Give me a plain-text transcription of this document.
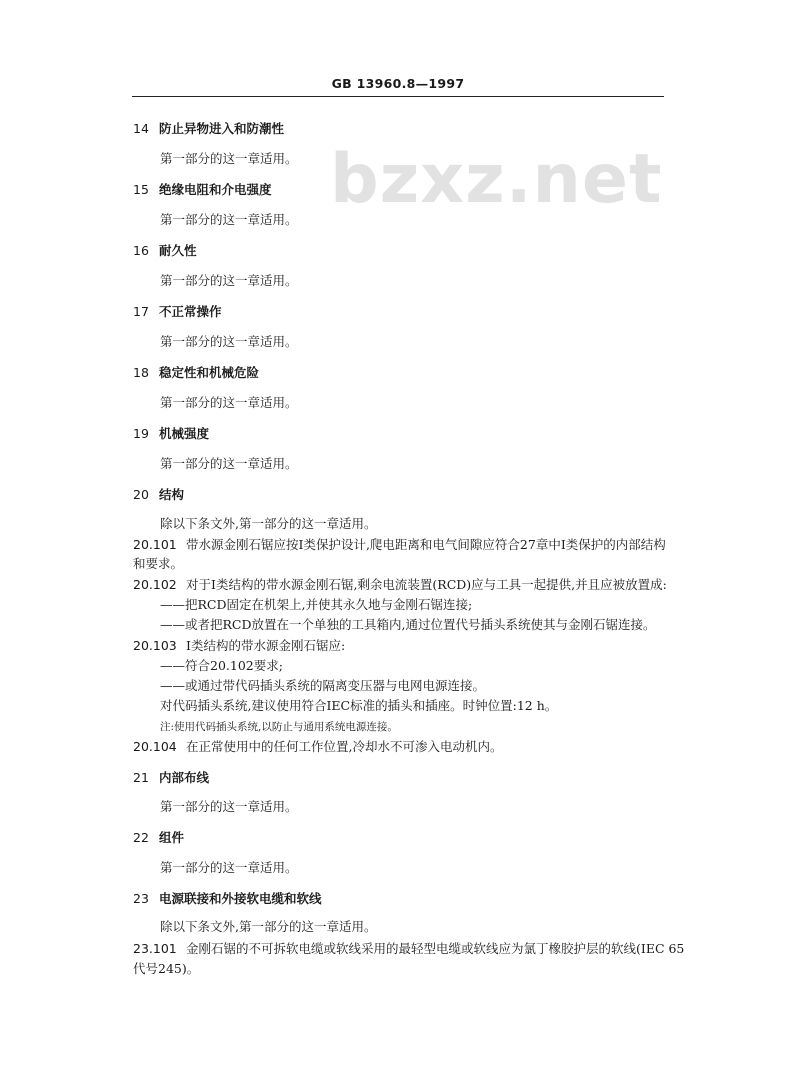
GB 13960.8—1997
bzxz.net
14 防止异物进入和防潮性
第一部分的这一章适用。
15 绝缘电阻和介电强度
第一部分的这一章适用。
16 耐久性
第一部分的这一章适用。
17 不正常操作
第一部分的这一章适用。
18 稳定性和机械危险
第一部分的这一章适用。
19 机械强度
第一部分的这一章适用。
20 结构
除以下条文外,第一部分的这一章适用。
20.101 带水源金刚石锯应按Ⅰ类保护设计,爬电距离和电气间隙应符合27章中Ⅰ类保护的内部结构
和要求。
20.102 对于Ⅰ类结构的带水源金刚石锯,剩余电流装置(RCD)应与工具一起提供,并且应被放置成:
——把RCD固定在机架上,并使其永久地与金刚石锯连接;
——或者把RCD放置在一个单独的工具箱内,通过位置代号插头系统使其与金刚石锯连接。
20.103 Ⅰ类结构的带水源金刚石锯应:
——符合20.102要求;
——或通过带代码插头系统的隔离变压器与电网电源连接。
对代码插头系统,建议使用符合IEC标准的插头和插座。时钟位置:12 h。
注:使用代码插头系统,以防止与通用系统电源连接。
20.104 在正常使用中的任何工作位置,冷却水不可渗入电动机内。
21 内部布线
第一部分的这一章适用。
22 组件
第一部分的这一章适用。
23 电源联接和外接软电缆和软线
除以下条文外,第一部分的这一章适用。
23.101 金刚石锯的不可拆软电缆或软线采用的最轻型电缆或软线应为氯丁橡胶护层的软线(IEC 65
代号245)。
